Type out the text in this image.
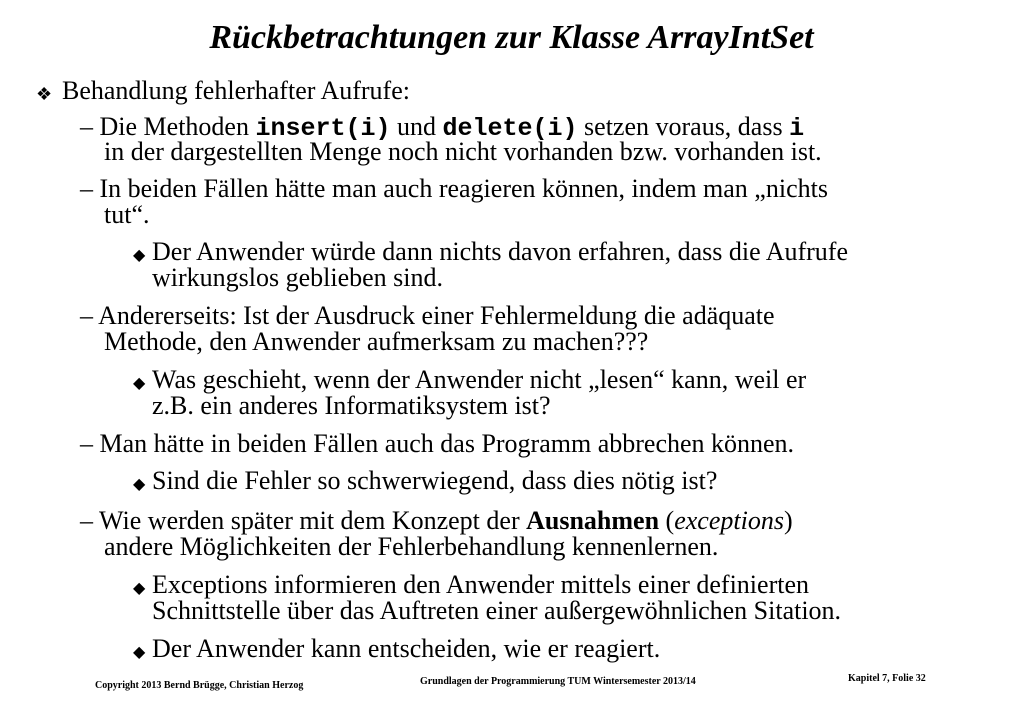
Rückbetrachtungen zur Klasse ArrayIntSet
❖ Behandlung fehlerhafter Aufrufe:
– Die Methoden insert(i) und delete(i) setzen voraus, dass i
in der dargestellten Menge noch nicht vorhanden bzw. vorhanden ist.
– In beiden Fällen hätte man auch reagieren können, indem man „nichts
tut“.
◆ Der Anwender würde dann nichts davon erfahren, dass die Aufrufe
wirkungslos geblieben sind.
– Andererseits: Ist der Ausdruck einer Fehlermeldung die adäquate
Methode, den Anwender aufmerksam zu machen???
◆ Was geschieht, wenn der Anwender nicht „lesen“ kann, weil er
z.B. ein anderes Informatiksystem ist?
– Man hätte in beiden Fällen auch das Programm abbrechen können.
◆ Sind die Fehler so schwerwiegend, dass dies nötig ist?
– Wie werden später mit dem Konzept der Ausnahmen (exceptions)
andere Möglichkeiten der Fehlerbehandlung kennenlernen.
◆ Exceptions informieren den Anwender mittels einer definierten
Schnittstelle über das Auftreten einer außergewöhnlichen Sitation.
◆ Der Anwender kann entscheiden, wie er reagiert.
Copyright 2013 Bernd Brügge, Christian Herzog	Grundlagen der Programmierung TUM Wintersemester 2013/14	Kapitel 7, Folie 32
